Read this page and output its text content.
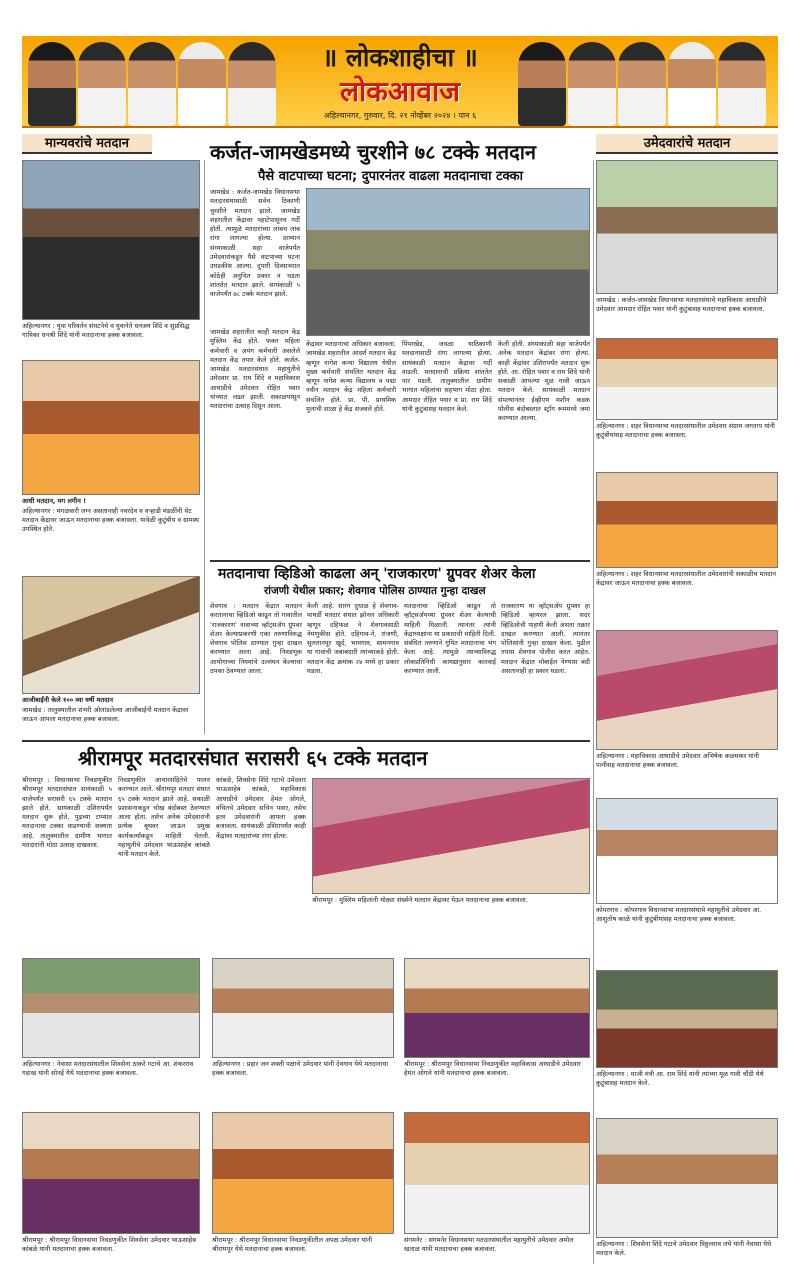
॥ लोकशाहीचा ॥
लोकआवाज
अहिल्यानगर, गुरुवार, दि. २१ नोव्हेंबर २०२४ । पान ६
मान्यवरांचे मतदान	उमेदवारांचे मतदान
अहिल्यानगर : युवा परिवर्तन संघटनेचे व युवानेते धनंजय शिंदे व सुप्रसिद्ध गायिका धनश्री शिंदे यांनी मतदानाचा हक्क बजावला.
आधी मतदान, मग लगीन !
अहिल्यानगर : मंगळवारी लग्न असतानाही नवरदेव व वऱ्हाडी मंडळींनी थेट मतदान केंद्रावर जाऊन मतदानाचा हक्क बजावला. यावेळी कुटुंबीय व ग्रामस्थ उपस्थित होते.
आजीबाईंनी केले १०० व्या वर्षी मतदान
जामखेड : तालुक्यातील शंभरी ओलांडलेल्या आजीबाईंनी मतदान केंद्रावर जाऊन आपला मतदानाचा हक्क बजावला.
कर्जत-जामखेडमध्ये चुरशीने ७८ टक्के मतदान
पैसे वाटपाच्या घटना; दुपारनंतर वाढला मतदानाचा टक्का
जामखेड : कर्जत-जामखेड विधानसभा मतदारसंघासाठी सर्वच ठिकाणी चुरशीने मतदान झाले. जामखेड शहरातील केंद्रावर पहाटेपासूनच गर्दी होती. त्यामुळे मतदारांच्या लांबच लांब रांगा लागल्या होत्या. दरम्यान संध्याकाळी सहा वाजेपर्यंत उमेदवारांकडून पैसे वाटपाच्या घटना उघडकीस आल्या. दुपारी दिवसभरात कोठेही अनुचित प्रकार न घडता शांततेत मतदान झाले. सायंकाळी ५ वाजेपर्यंत ७८ टक्के मतदान झाले.
जामखेड शहरातील काही मतदान केंद्र मुस्लिम केंद्र होते. फक्त महिला कर्मचारी व अपंग कर्मचारी असलेले मतदान केंद्र तयार केले होते. कर्जत-जामखेड मतदारसंघात महायुतीचे उमेदवार प्रा. राम शिंदे व महाविकास आघाडीचे उमेदवार रोहित पवार यांच्यात लढत झाली. सकाळपासून मतदारांचा उत्साह दिसून आला.
केंद्रावर मतदानाचा अधिकार बजावला. जामखेड शहरातील आदर्श मतदान केंद्र म्हणून नागेश कन्या विद्यालय येथील मुख्य कर्मचारी संचलित मतदान केंद्र म्हणून नागेश कन्या विद्यालय व पद्मा नवीन मतदान केंद्र महिला कर्मचारी संचलित होते. प्रा. पी. प्राथमिक मुलांची शाळा हे केंद्र सजवले होते.
पिंपरखेड, जवळा याठिकाणी मतदानासाठी रांगा लागल्या होत्या. सायंकाळी मतदान केंद्रावर गर्दी वाढली. मतदानाची प्रक्रिया शांततेत पार पडली. तालुक्यातील ग्रामीण भागात महिलांचा सहभाग मोठा होता. आमदार रोहित पवार व प्रा. राम शिंदे यांनी कुटुंबासह मतदान केले.
केली होती. संध्याकाळी सहा वाजेपर्यंत अनेक मतदान केंद्रांवर रांगा होत्या. काही केंद्रांवर उशिरापर्यंत मतदान सुरू होते. आ. रोहित पवार व राम शिंदे यांनी सकाळी आपल्या मूळ गावी जाऊन मतदान केले. सायंकाळी मतदान संपल्यानंतर ईव्हीएम मशीन कडक पोलीस बंदोबस्तात स्ट्रॉंग रूममध्ये जमा करण्यात आल्या.
मतदानाचा व्हिडिओ काढला अन् 'राजकारण' ग्रुपवर शेअर केला
रांजणी येथील प्रकार; शेवगाव पोलिस ठाण्यात गुन्हा दाखल
शेवगाव : मतदान केंद्रात मतदान करतानाचा व्हिडिओ काढून तो गावातील 'राजकारण' नावाच्या व्हॉट्सअ‍ॅप ग्रुपवर शेअर केल्याप्रकरणी एका तरुणाविरुद्ध शेवगाव पोलिस ठाण्यात गुन्हा दाखल करण्यात आला आहे. निवडणूक आयोगाच्या नियमांचे उल्लंघन केल्याचा ठपका ठेवण्यात आला.
केली आहे. सारंग दुधाळ हे शेवगाव-पाथर्डी मतदार संघात झोनल अधिकारी म्हणून दहिफळ ने शेवगावसाठी नेमणुकीस होते. दहिगाव-ने, रांजणी, सुलतानपूर खुर्द, भायगाव, सामनगाव या गावांची जबाबदारी त्यांच्याकडे होती. मतदान केंद्र क्रमांक २४ मध्ये हा प्रकार घडला.
मतदानाचा व्हिडिओ काढून तो व्हॉट्सअ‍ॅपच्या ग्रुपवर शेअर केल्याची माहिती मिळाली. त्यानंतर त्यांनी केंद्राध्यक्षांना या प्रकाराची माहिती दिली. संबंधित तरुणाने गुपित मतदानाचा भंग केला आहे. त्यामुळे त्याच्याविरुद्ध लोकप्रतिनिधी कायद्यानुसार कारवाई करण्यात आली.
राजकारण या व्हॉट्सअ‍ॅप ग्रुपवर हा व्हिडिओ व्हायरल झाला. सदर व्हिडिओची पाहणी केली असता तक्रार दाखल करण्यात आली. त्यानंतर पोलिसांनी गुन्हा दाखल केला. पुढील तपास शेवगाव पोलीस करत आहेत. मतदान केंद्रात मोबाईल नेण्यास बंदी असतानाही हा प्रकार घडला.
जामखेड : कर्जत-जामखेड विधानसभा मतदारसंघाचे महाविकास आघाडीचे उमेदवार आमदार रोहित पवार यांनी कुटुंबासह मतदानाचा हक्क बजावला.
अहिल्यानगर : शहर विधानसभा मतदारसंघातील उमेदवार संग्राम जगताप यांनी कुटुंबीयांसह मतदानाचा हक्क बजावला.
अहिल्यानगर : शहर विधानसभा मतदारसंघातील उमेदवारांनी सकाळीच मतदान केंद्रावर जाऊन मतदानाचा हक्क बजावला.
अहिल्यानगर : महाविकास आघाडीचे उमेदवार अभिषेक कळमकर यांनी पत्नीसह मतदानाचा हक्क बजावला.
कोपरगाव : कोपरगाव विधानसभा मतदारसंघाचे महायुतीचे उमेदवार आ. आशुतोष काळे यांनी कुटुंबीयांसह मतदानाचा हक्क बजावला.
अहिल्यानगर : माजी मंत्री आ. राम शिंदे यांनी त्यांच्या मूळ गावी चौंडी येथे कुटुंबासह मतदान केले.
अहिल्यानगर : शिवसेना शिंदे गटाचे उमेदवार विठ्ठलराव लंघे यांनी नेवासा येथे मतदान केले.
श्रीरामपूर मतदारसंघात सरासरी ६५ टक्के मतदान
श्रीरामपूर : विधानसभा निवडणुकीत श्रीरामपूर मतदारसंघात सायंकाळी ५ वाजेपर्यंत सरासरी ६५ टक्के मतदान झाले होते. सायंकाळी उशिरापर्यंत मतदान सुरू होते. पुढच्या टप्प्यात मतदानाचा टक्का वाढण्याची शक्यता आहे. तालुक्यातील ग्रामीण भागात मतदारांनी मोठा उत्साह दाखवला.
निवडणुकीत आचारसंहितेचे पालन करण्यात आले. श्रीरामपूर मतदार संघात ६५ टक्के मतदान झाले आहे. सकाळी प्रशासनाकडून चोख बंदोबस्त ठेवण्यात आला होता. तसेच अनेक उमेदवारांनी प्रत्येक बूथवर जाऊन प्रमुख कार्यकर्त्यांकडून माहिती घेतली. महायुतीचे उमेदवार भाऊसाहेब कांबळे यांनी मतदान केले.
कांबळे, शिवसेना शिंदे गटाचे उमेदवार भाऊसाहेब कांबळे, महाविकास आघाडीचे उमेदवार हेमंत ओगले, वंचितचे उमेदवार सचिन पवार, तसेच इतर उमेदवारांनी आपला हक्क बजावला. सायंकाळी उशिरापर्यंत काही केंद्रांवर मतदारांच्या रांगा होत्या.
श्रीरामपूर : मुस्लिम महिलांनी मोठ्या संख्येने मतदान केंद्रावर येऊन मतदानाचा हक्क बजावला.
अहिल्यानगर : नेवासा मतदारसंघातील शिवसेना ठाकरे गटाचे आ. शंकरराव गडाख यांनी सोनई येथे मतदानाचा हक्क बजावला.
अहिल्यानगर : प्रहार जन शक्ती पक्षाचे उमेदवार यांनी देवगाव येथे मतदानाचा हक्क बजावला.
श्रीरामपूर : श्रीरामपूर विधानसभा निवडणुकीत महाविकास आघाडीचे उमेदवार हेमंत ओगले यांनी मतदानाचा हक्क बजावला.
श्रीरामपूर : श्रीरामपूर विधानसभा निवडणुकीत शिवसेना उमेदवार भाऊसाहेब कांबळे यांनी मतदानाचा हक्क बजावला.
श्रीरामपूर : श्रीरामपूर विधानसभा निवडणुकीतील अपक्ष उमेदवार यांनी श्रीरामपूर येथे मतदानाचा हक्क बजावला.
संगमनेर : संगमनेर विधानसभा मतदारसंघातील महायुतीचे उमेदवार अमोल खताळ यांनी मतदानाचा हक्क बजावला.
